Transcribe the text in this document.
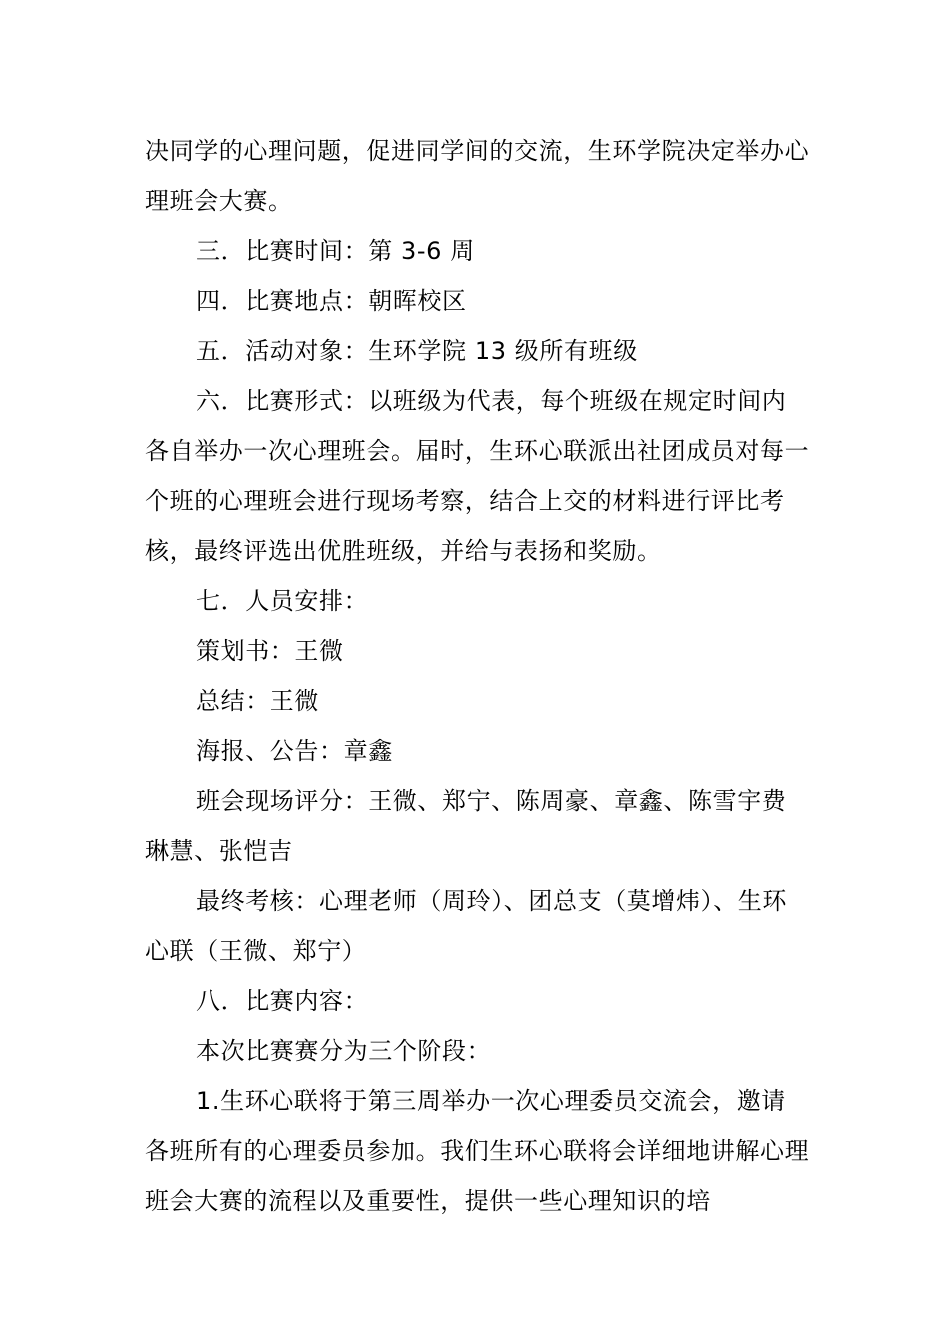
决同学的心理问题，促进同学间的交流，生环学院决定举办心理班会大赛。

三．比赛时间：第 3-6 周

四．比赛地点：朝晖校区

五．活动对象：生环学院 13 级所有班级

六．比赛形式：以班级为代表，每个班级在规定时间内各自举办一次心理班会。届时，生环心联派出社团成员对每一个班的心理班会进行现场考察，结合上交的材料进行评比考核，最终评选出优胜班级，并给与表扬和奖励。

七．人员安排：

策划书：王微

总结：王微

海报、公告：章鑫

班会现场评分：王微、郑宁、陈周豪、章鑫、陈雪宇费琳慧、张恺吉

最终考核：心理老师（周玲）、团总支（莫增炜）、生环心联（王微、郑宁）

八．比赛内容：

本次比赛赛分为三个阶段：

1.生环心联将于第三周举办一次心理委员交流会，邀请各班所有的心理委员参加。我们生环心联将会详细地讲解心理班会大赛的流程以及重要性，提供一些心理知识的培
